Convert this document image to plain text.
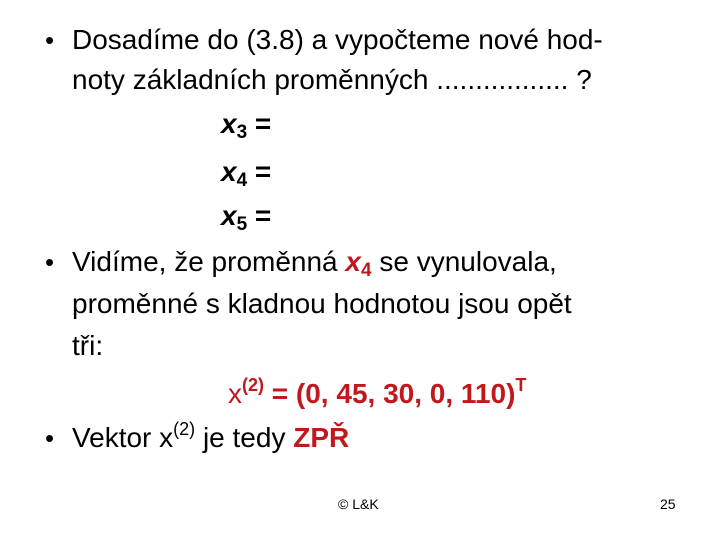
• Dosadíme do (3.8) a vypočteme nové hod-
noty základních proměnných ................. ?
$x_3$ =
$x_4$ =
$x_5$ =
• Vidíme, že proměnná $x_4$ se vynulovala,
proměnné s kladnou hodnotou jsou opět
tři:
$x^{(2)} = (0$, 45, 30, 0, 110)$^T$
• Vektor $x^{(2)}$ je tedy ZPŘ
© L&K	25
